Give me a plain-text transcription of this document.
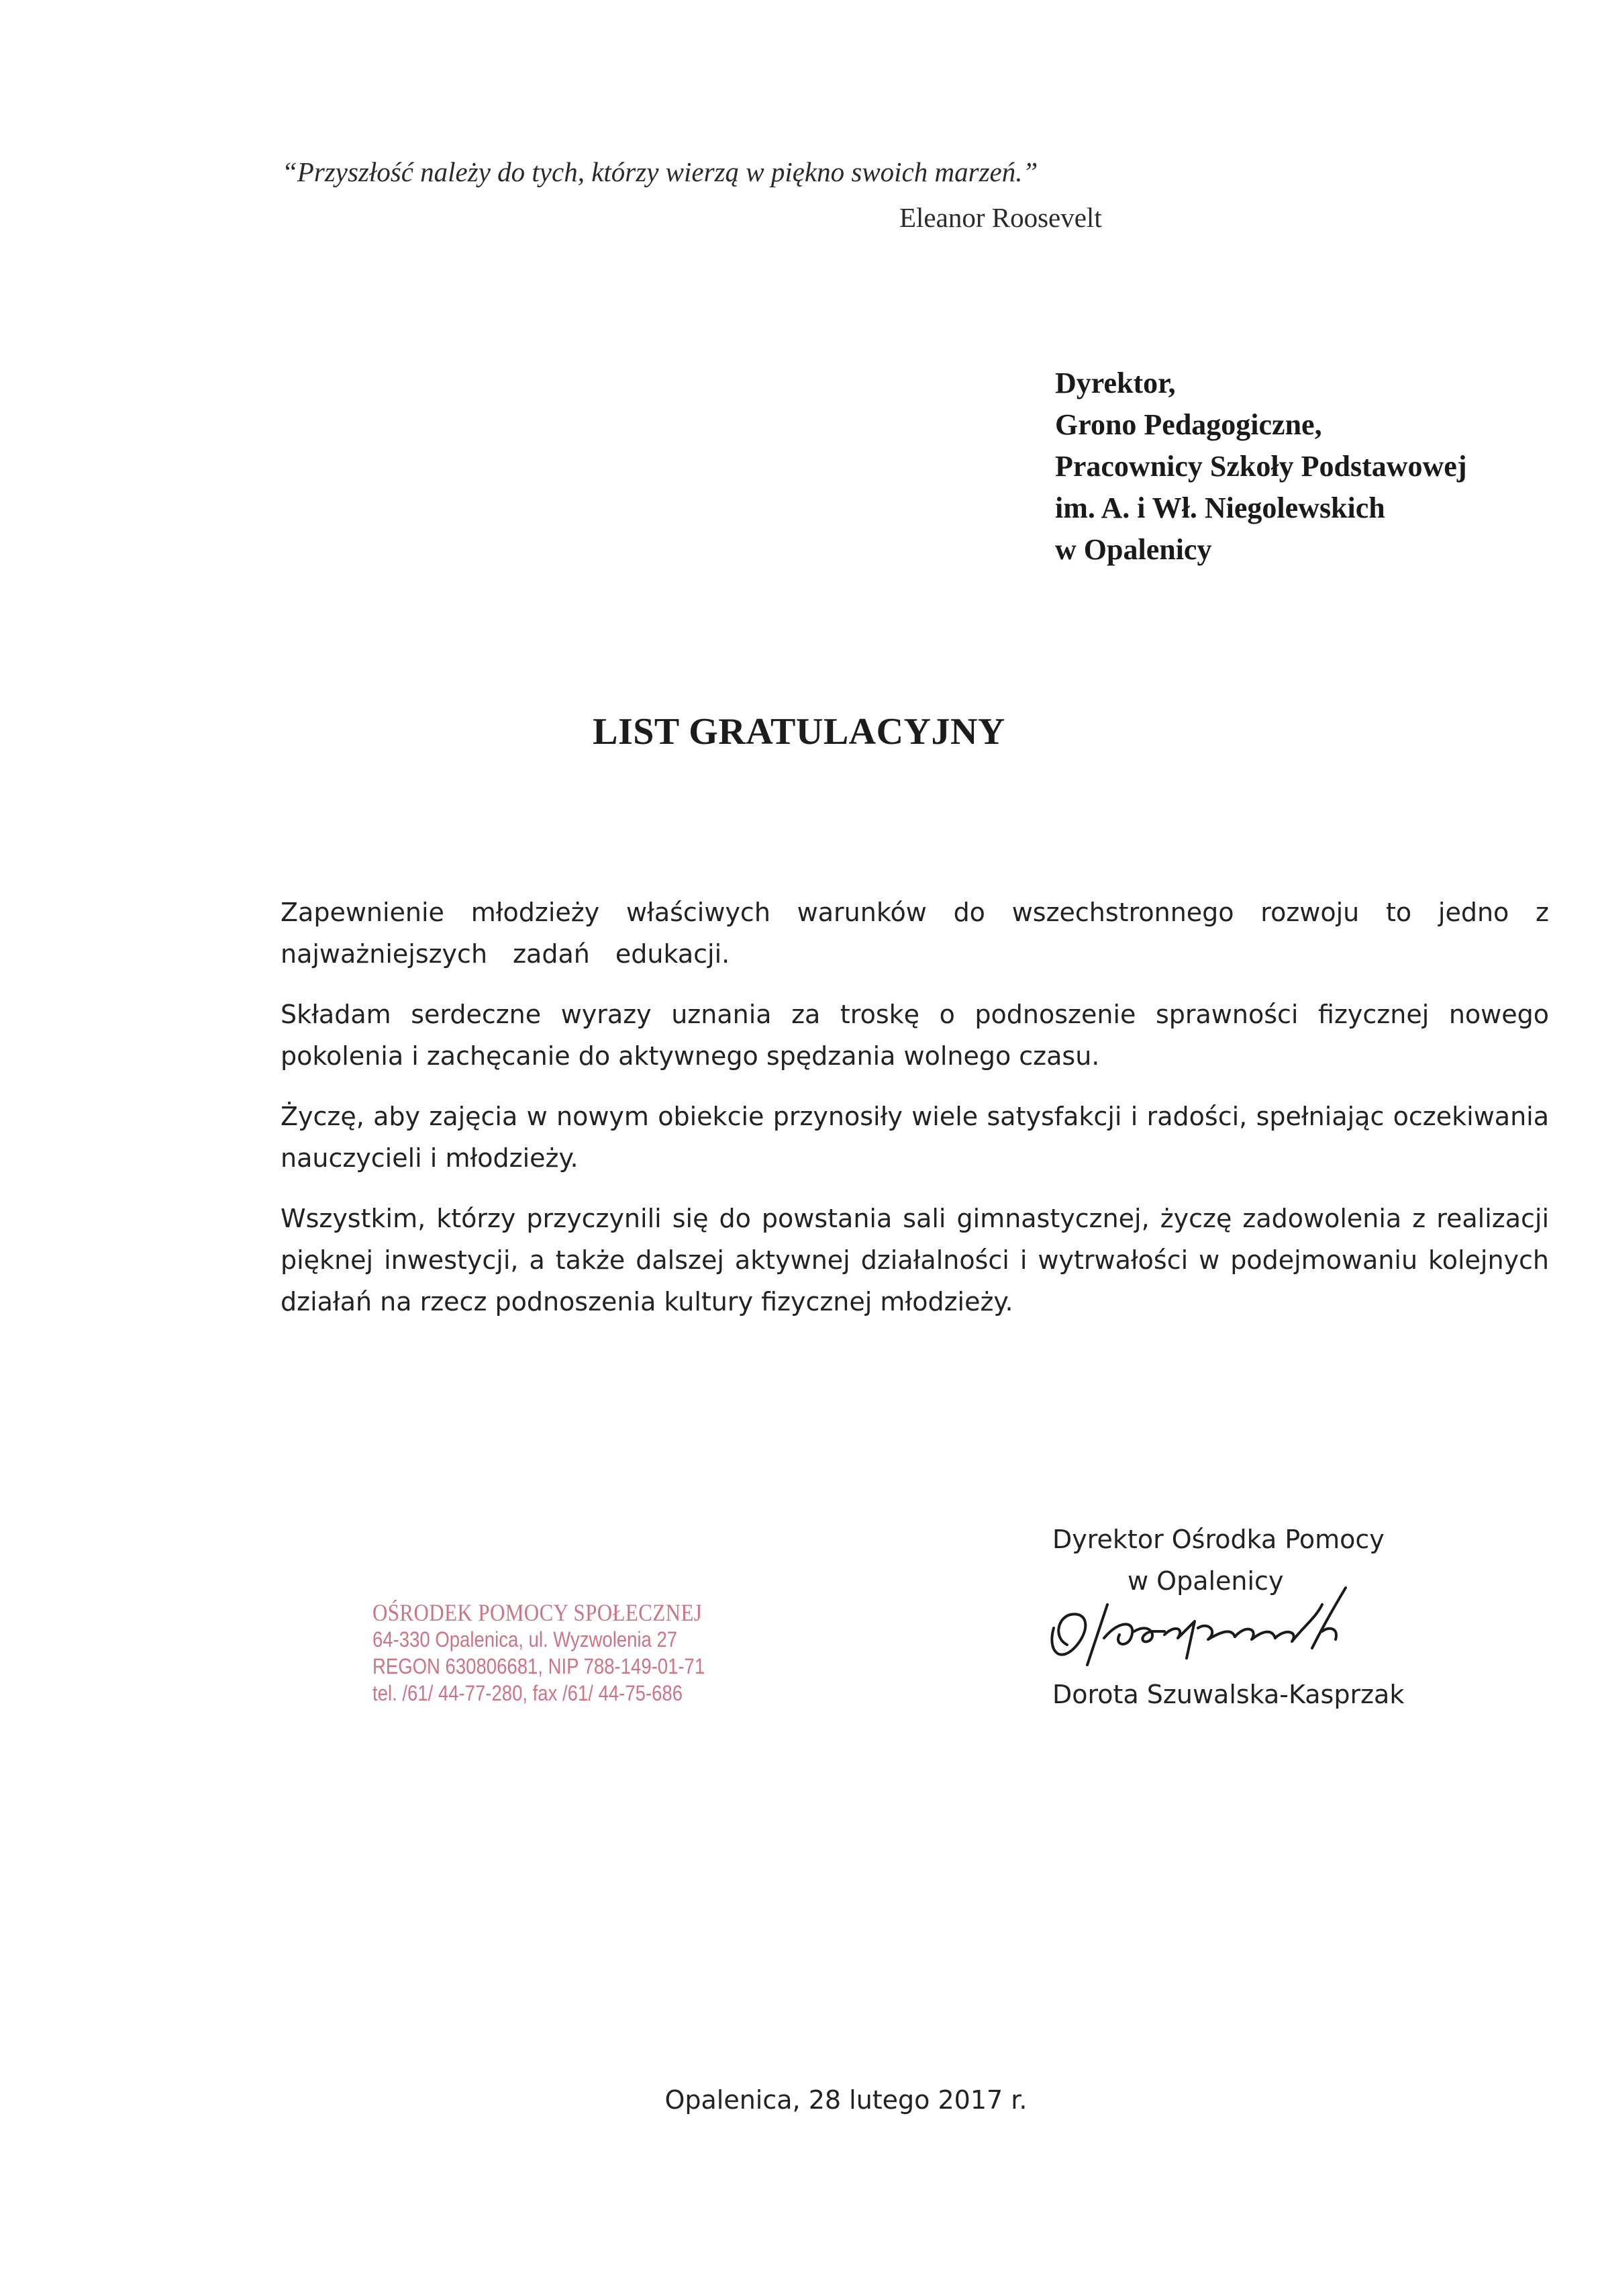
“Przyszłość należy do tych, którzy wierzą w piękno swoich marzeń.”
Eleanor Roosevelt
Dyrektor,
Grono Pedagogiczne,
Pracownicy Szkoły Podstawowej
im. A. i Wł. Niegolewskich
w Opalenicy
LIST GRATULACYJNY

Zapewnienie młodzieży właściwych warunków do wszechstronnego rozwoju to jedno z najważniejszych zadań edukacji.

Składam serdeczne wyrazy uznania za troskę o podnoszenie sprawności fizycznej nowego pokolenia i zachęcanie do aktywnego spędzania wolnego czasu.

Życzę, aby zajęcia w nowym obiekcie przynosiły wiele satysfakcji i radości, spełniając oczekiwania nauczycieli i młodzieży.

Wszystkim, którzy przyczynili się do powstania sali gimnastycznej, życzę zadowolenia z realizacji pięknej inwestycji, a także dalszej aktywnej działalności i wytrwałości w podejmowaniu kolejnych działań na rzecz podnoszenia kultury fizycznej młodzieży.

OŚRODEK POMOCY SPOŁECZNEJ
64-330 Opalenica, ul. Wyzwolenia 27
REGON 630806681, NIP 788-149-01-71
tel. /61/ 44-77-280, fax /61/ 44-75-686
Dyrektor Ośrodka Pomocy
w Opalenicy
Dorota Szuwalska-Kasprzak
Opalenica, 28 lutego 2017 r.
